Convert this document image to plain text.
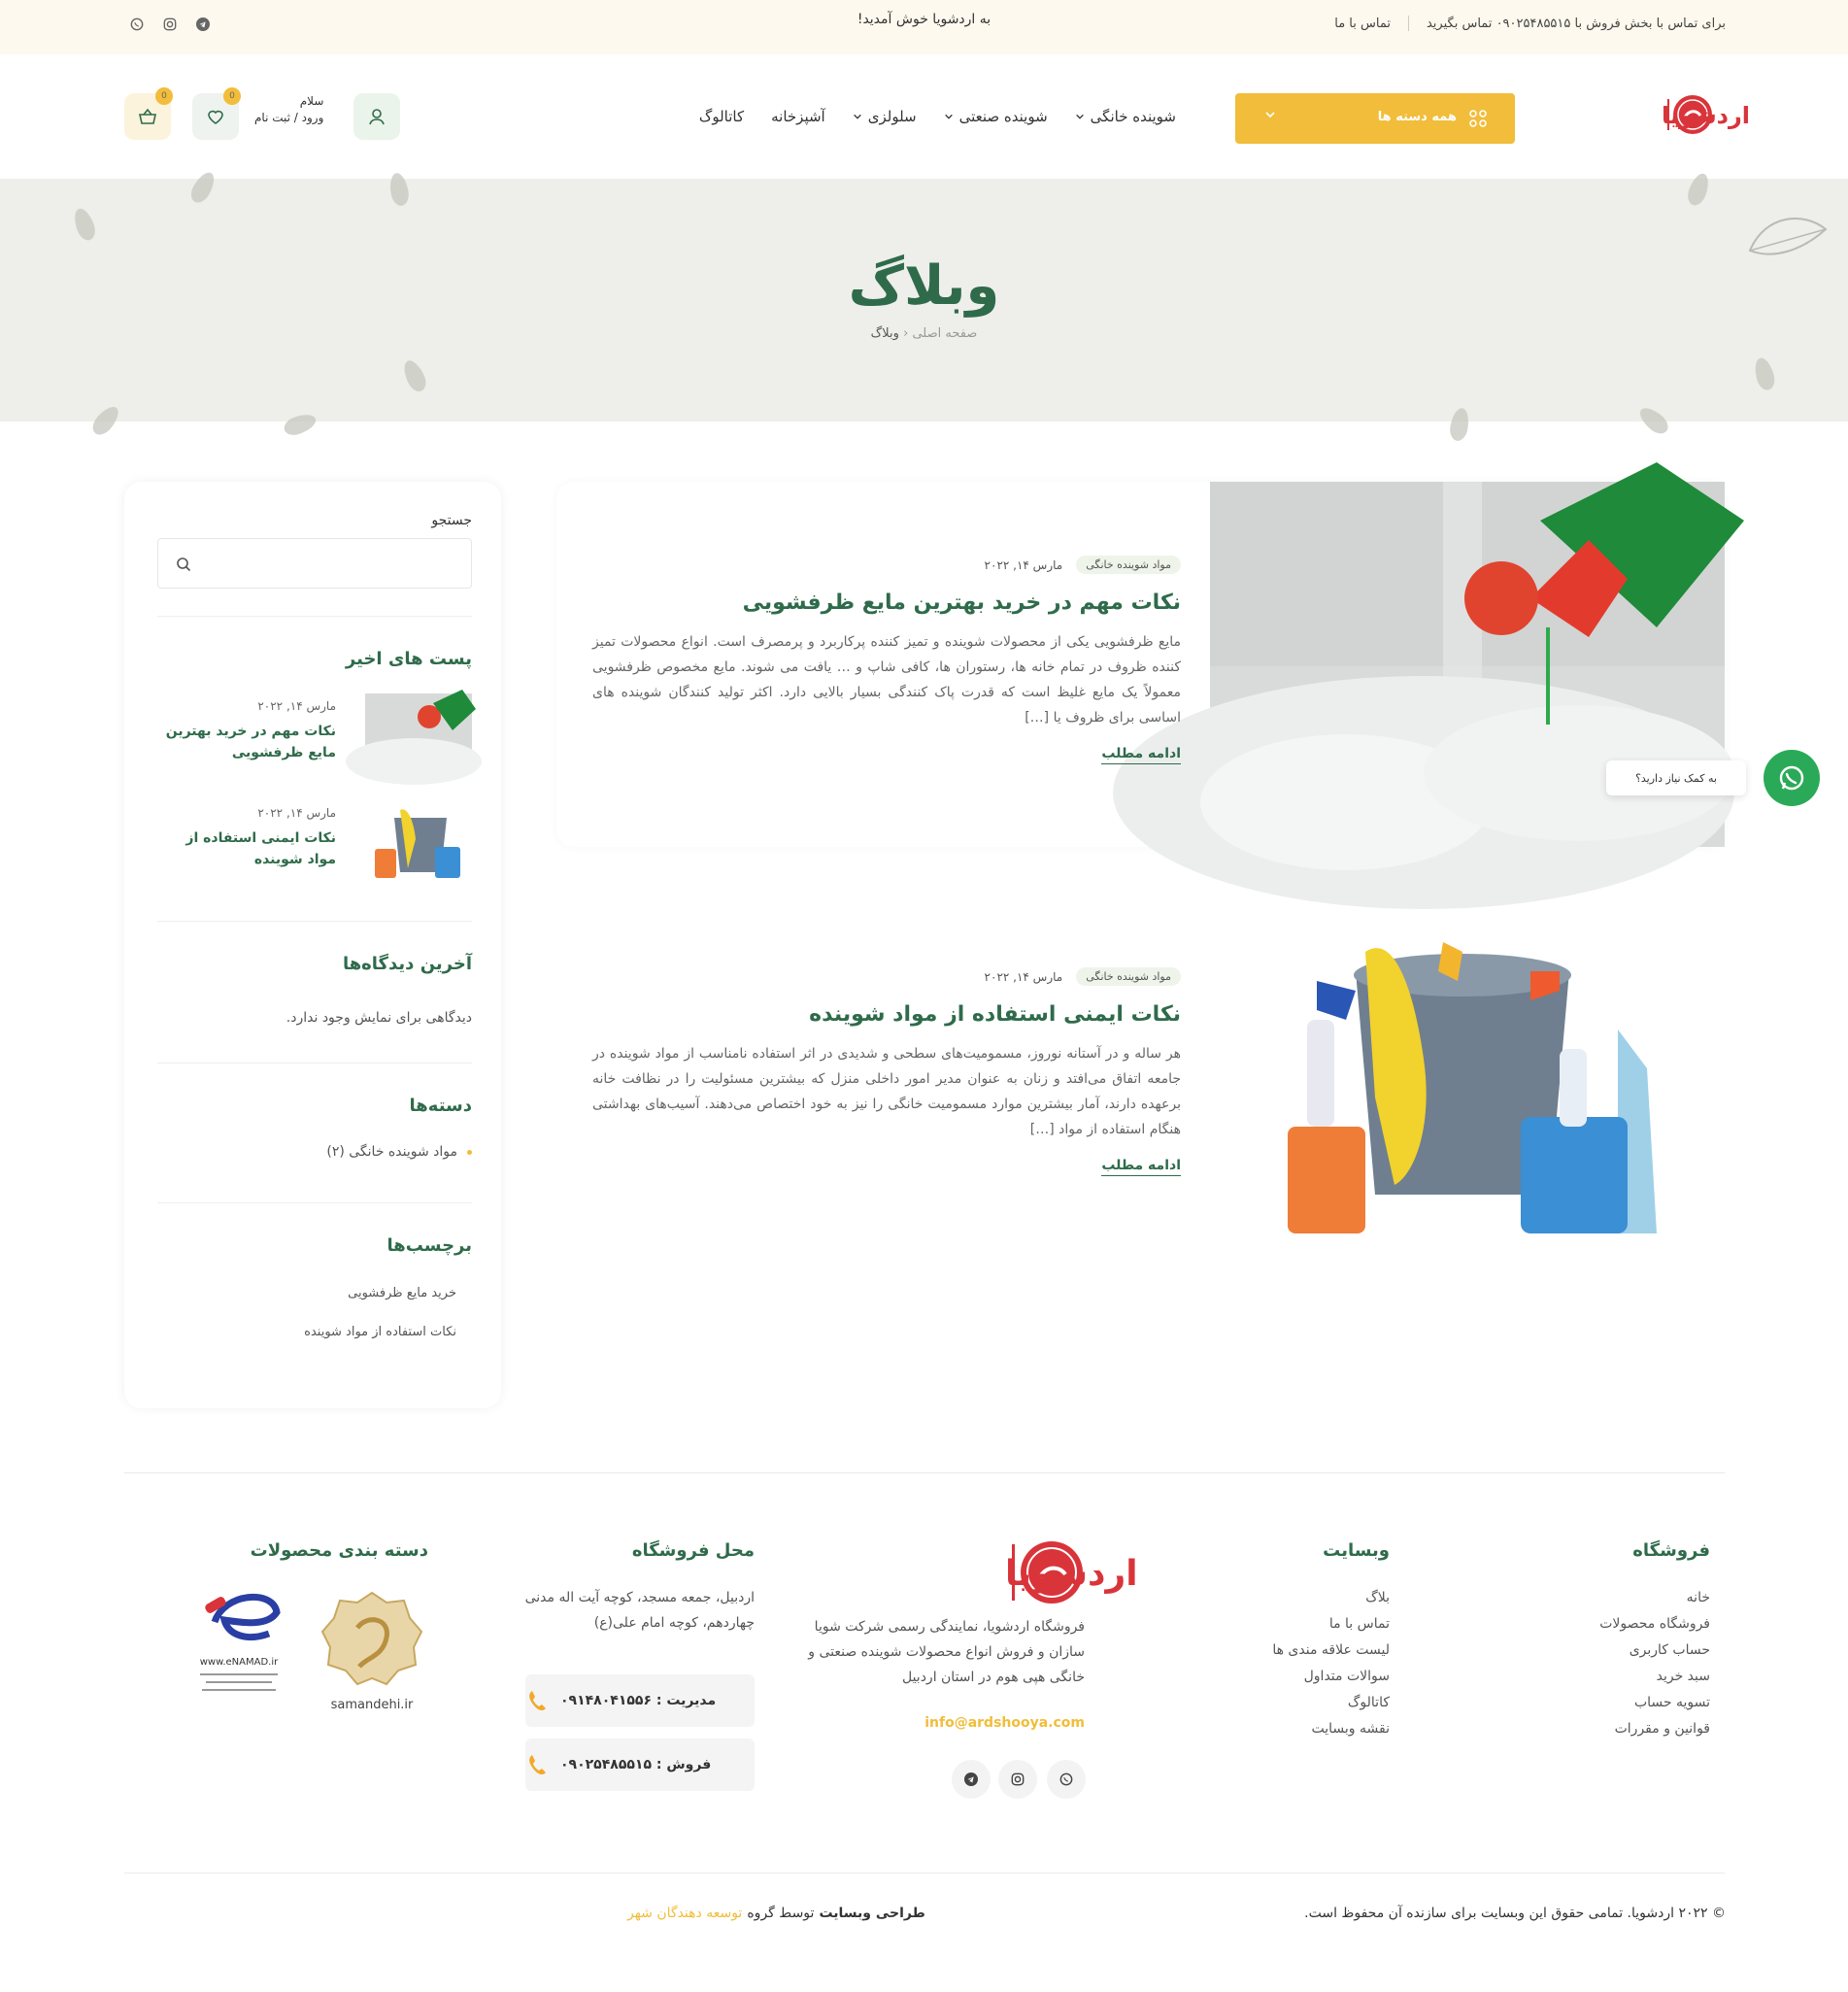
برای تماس با بخش فروش با ۰۹۰۲۵۴۸۵۵۱۵ تماس بگیرید
تماس با ما
به اردشویا خوش آمدید!
اردشویا
همه دسته ها
شوینده خانگی
شوینده صنعتی
سلولزی
آشپزخانه
کاتالوگ
سلام
ورود / ثبت نام
0
0
وبلاگ
صفحه اصلی ‹ وبلاگ
مواد شوینده خانگی
مارس ۱۴, ۲۰۲۲
نکات مهم در خرید بهترین مایع ظرفشویی

مایع ظرفشویی یکی از محصولات شوینده و تمیز کننده پرکاربرد و پرمصرف است. انواع محصولات تمیز کننده ظروف در تمام خانه ها، رستوران ها، کافی شاپ و … یافت می شوند. مایع مخصوص ظرفشویی معمولاً یک مایع غلیظ است که قدرت پاک کنندگی بسیار بالایی دارد. اکثر تولید کنندگان شوینده های اساسی برای ظروف یا […]

ادامه مطلب
مواد شوینده خانگی
مارس ۱۴, ۲۰۲۲
نکات ایمنی استفاده از مواد شوینده

هر ساله و در آستانه نوروز، مسمومیت‌های سطحی و شدیدی در اثر استفاده نامناسب از مواد شوینده در جامعه اتفاق می‌افتد و زنان به عنوان مدیر امور داخلی منزل که بیشترین مسئولیت را در نظافت خانه برعهده دارند، آمار بیشترین موارد مسمومیت خانگی را نیز به خود اختصاص می‌دهند. آسیب‌های بهداشتی هنگام استفاده از مواد […]

ادامه مطلب
جستجو
پست های اخیر
مارس ۱۴, ۲۰۲۲
نکات مهم در خرید بهترین مایع ظرفشویی
مارس ۱۴, ۲۰۲۲
نکات ایمنی استفاده از مواد شوینده
آخرین دیدگاه‌ها
دیدگاهی برای نمایش وجود ندارد.
دسته‌ها
مواد شوینده خانگی (۲)
برچسب‌ها
خرید مایع ظرفشویی
نکات استفاده از مواد شوینده
به کمک نیاز دارید؟
فروشگاه
خانه
فروشگاه محصولات
حساب کاربری
سبد خرید
تسویه حساب
قوانین و مقررات
وبسایت
بلاگ
تماس با ما
لیست علاقه مندی ها
سوالات متداول
کاتالوگ
نقشه وبسایت
اردشویا
فروشگاه اردشویا، نمایندگی رسمی شرکت شویا سازان و فروش انواع محصولات شوینده صنعتی و خانگی هپی هوم در استان اردبیل
info@ardshooya.com
محل فروشگاه
اردبیل، جمعه مسجد، کوچه آیت اله مدنی چهاردهم، کوچه امام علی(ع)
مدیریت : ۰۹۱۴۸۰۴۱۵۵۶
فروش : ۰۹۰۲۵۴۸۵۵۱۵
دسته بندی محصولات
samandehi.ir
www.eNAMAD.ir
© ۲۰۲۲ اردشویا. تمامی حقوق این وبسایت برای سازنده آن محفوظ است.
طراحی وبسایت
توسط گروه
توسعه دهندگان شهر
